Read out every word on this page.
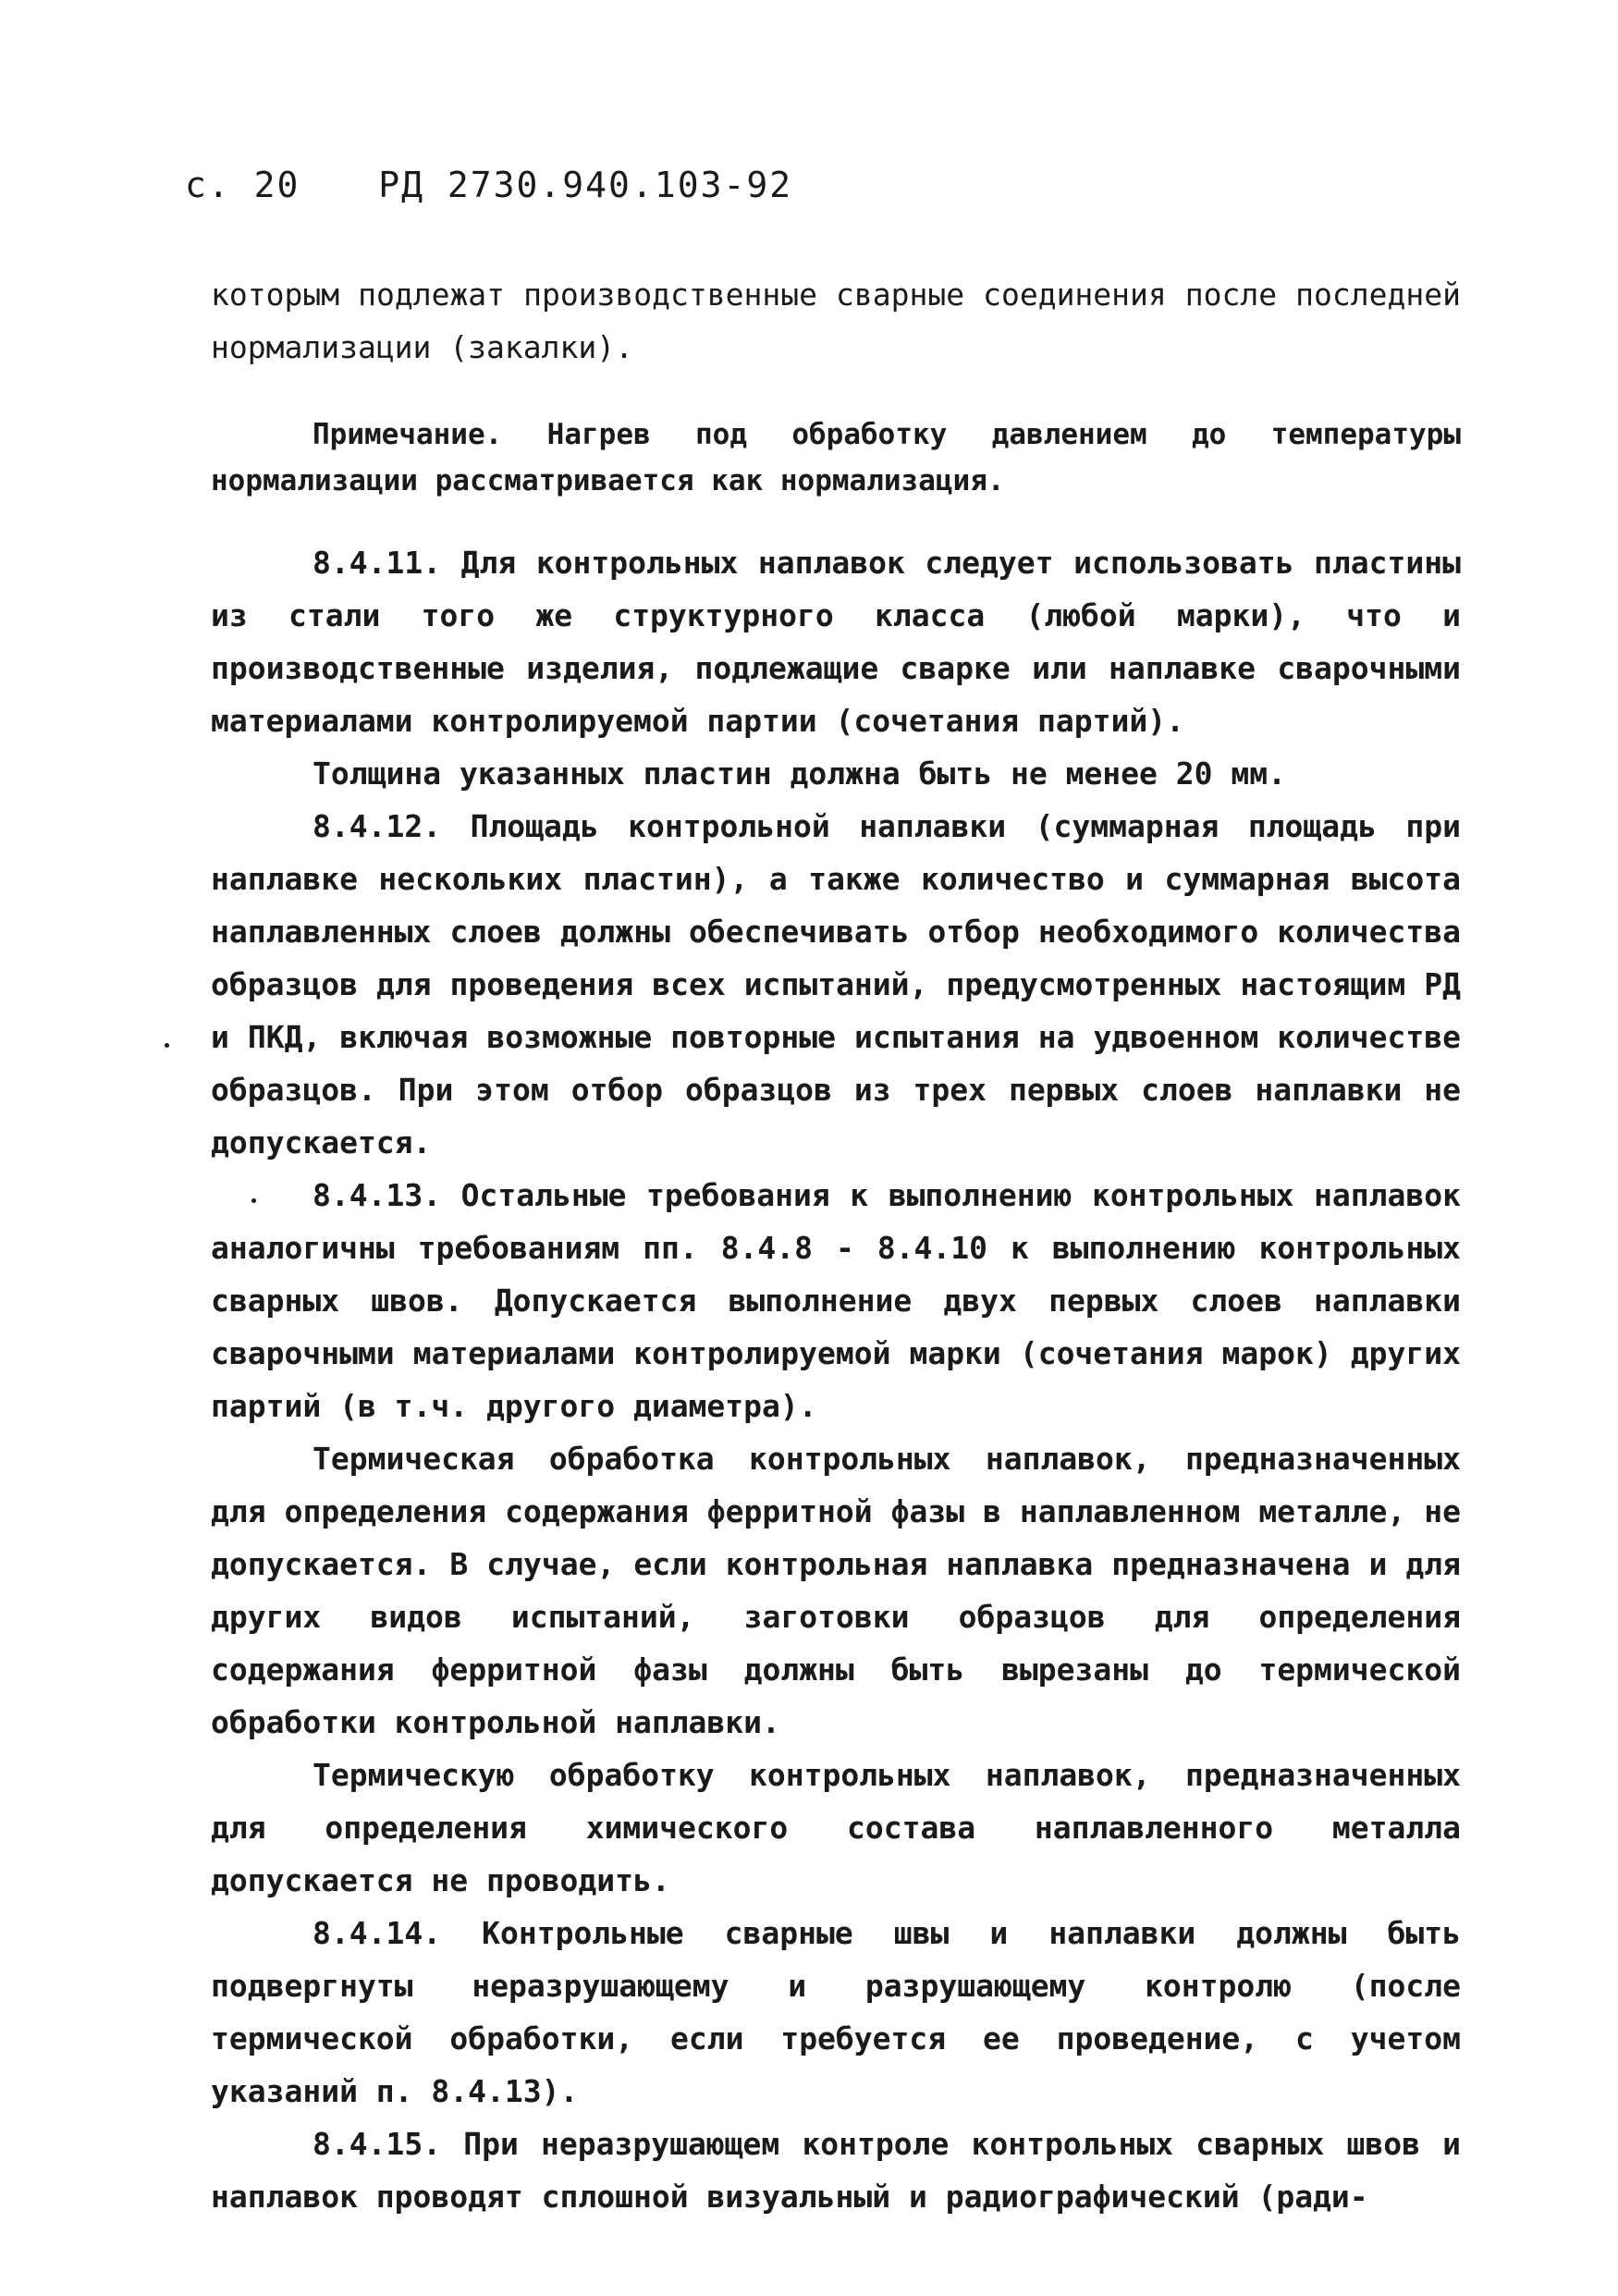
с. 20 РД 2730.940.103-92

которым подлежат производственные сварные соединения после последней нормализации (закалки).

Примечание. Нагрев под обработку давлением до температуры нормализации рассматривается как нормализация.

8.4.11. Для контрольных наплавок следует использовать пластины из стали того же структурного класса (любой марки), что и производственные изделия, подлежащие сварке или наплавке сварочными материалами контролируемой партии (сочетания партий).

Толщина указанных пластин должна быть не менее 20 мм.

8.4.12. Площадь контрольной наплавки (суммарная площадь при наплавке нескольких пластин), а также количество и суммарная высота наплавленных слоев должны обеспечивать отбор необходимого количества образцов для проведения всех испытаний, предусмотренных настоящим РД и ПКД, включая возможные повторные испытания на удвоенном количестве образцов. При этом отбор образцов из трех первых слоев наплавки не допускается.

8.4.13. Остальные требования к выполнению контрольных наплавок аналогичны требованиям пп. 8.4.8 - 8.4.10 к выполнению контрольных сварных швов. Допускается выполнение двух первых слоев наплавки сварочными материалами контролируемой марки (сочетания марок) других партий (в т.ч. другого диаметра).

Термическая обработка контрольных наплавок, предназначенных для определения содержания ферритной фазы в наплавленном металле, не допускается. В случае, если контрольная наплавка предназначена и для других видов испытаний, заготовки образцов для определения содержания ферритной фазы должны быть вырезаны до термической обработки контрольной наплавки.

Термическую обработку контрольных наплавок, предназначенных для определения химического состава наплавленного металла допускается не проводить.

8.4.14. Контрольные сварные швы и наплавки должны быть подвергнуты неразрушающему и разрушающему контролю (после термической обработки, если требуется ее проведение, с учетом указаний п. 8.4.13).

8.4.15. При неразрушающем контроле контрольных сварных швов и наплавок проводят сплошной визуальный и радиографический (ради-
